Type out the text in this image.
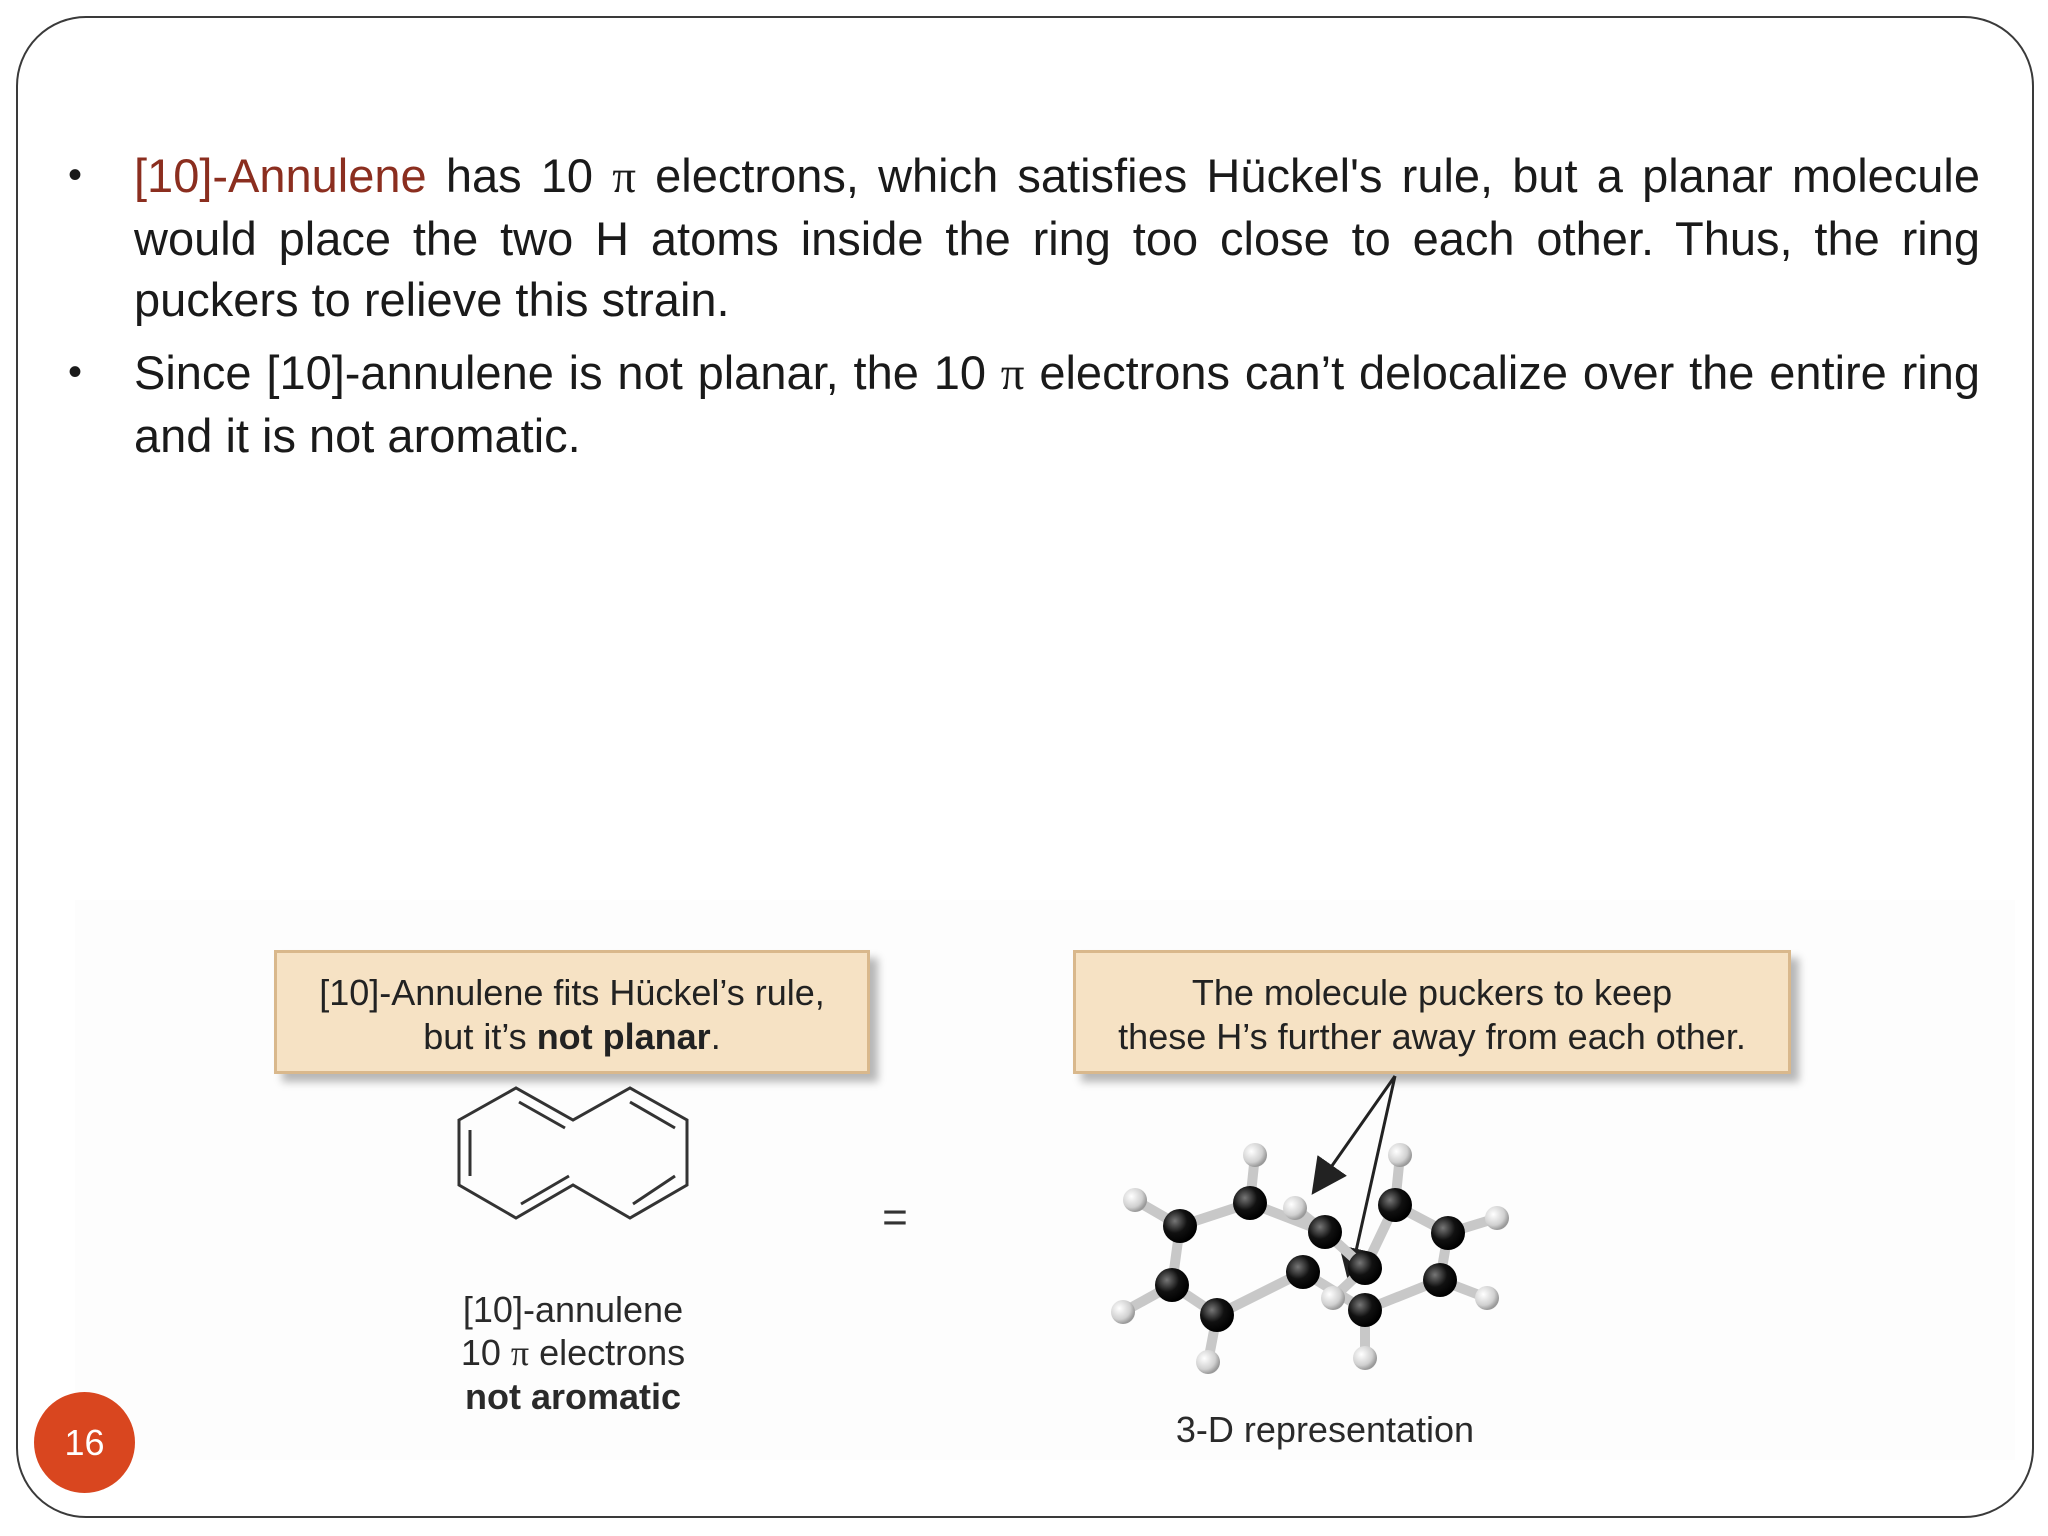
• [10]-Annulene has 10 π electrons, which satisfies Hückel's rule, but a planar molecule would place the two H atoms inside the ring too close to each other. Thus, the ring puckers to relieve this strain.
• Since [10]-annulene is not planar, the 10 π electrons can’t delocalize over the entire ring and it is not aromatic.
[10]-Annulene fits Hückel’s rule,
but it’s not planar.
The molecule puckers to keep
these H’s further away from each other.
=
[10]-annulene
10 π electrons
not aromatic
3-D representation
16
